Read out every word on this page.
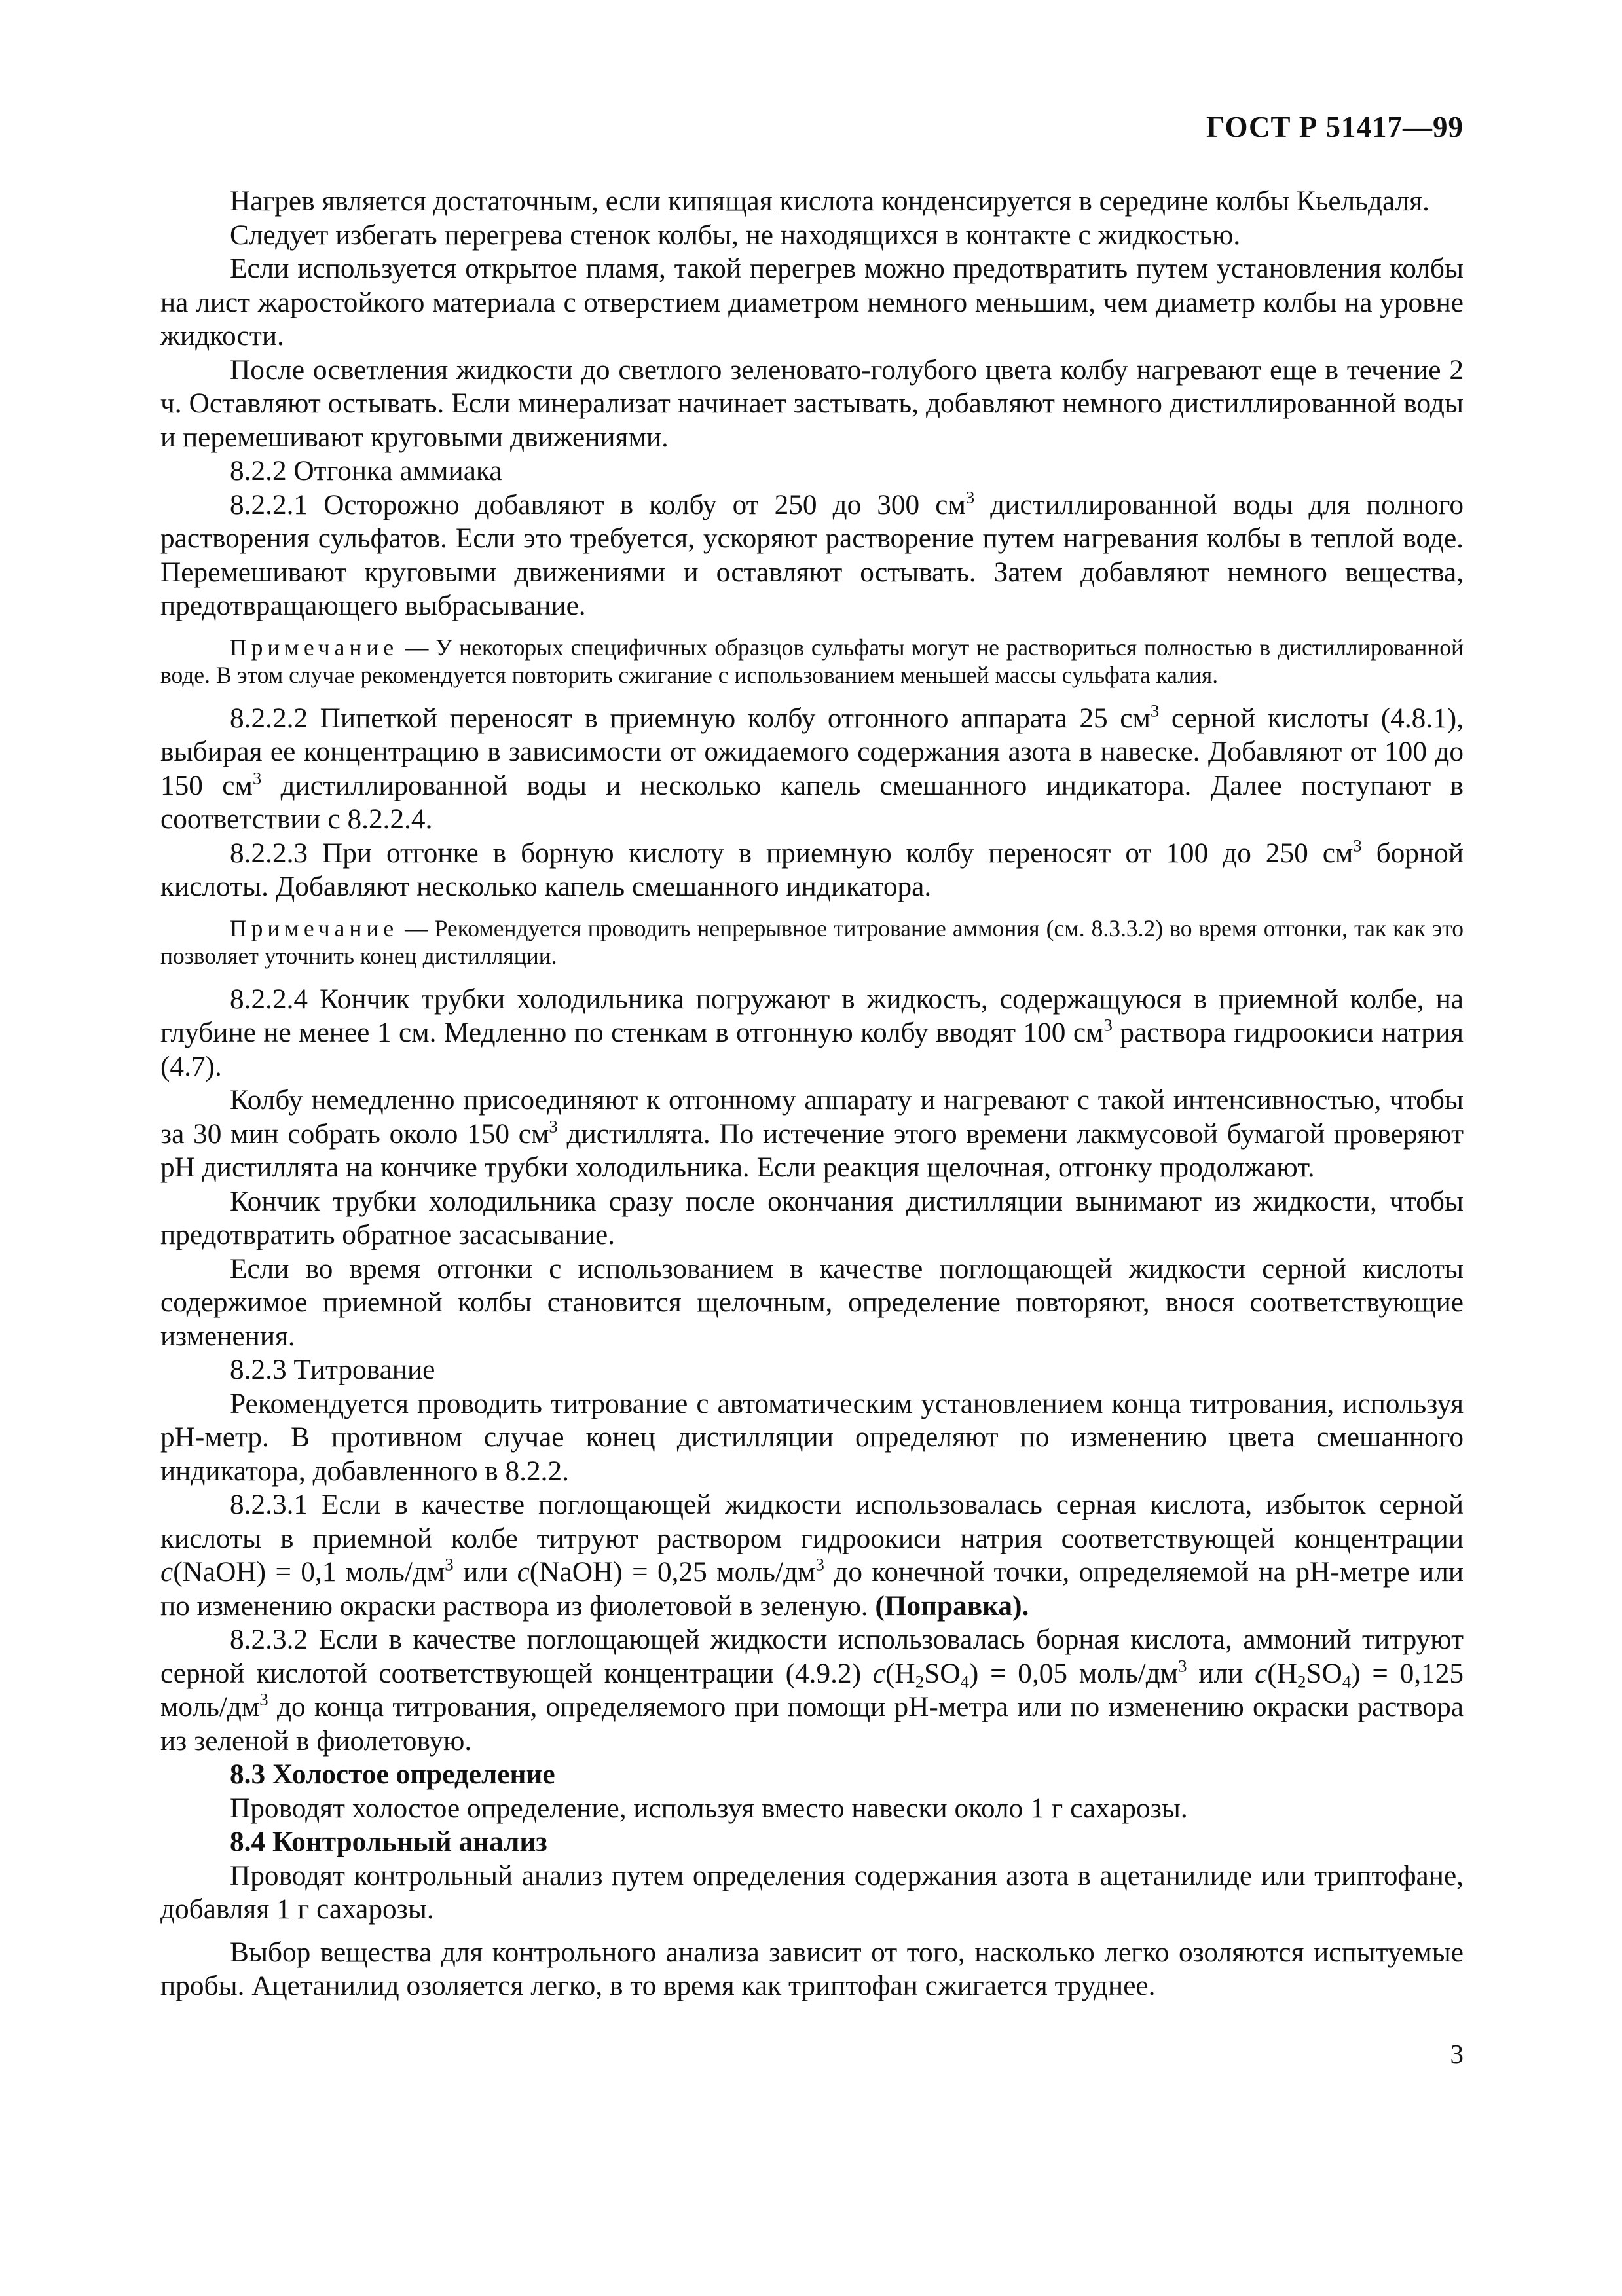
ГОСТ Р 51417—99

Нагрев является достаточным, если кипящая кислота конденсируется в середине колбы Кьельдаля.

Следует избегать перегрева стенок колбы, не находящихся в контакте с жидкостью.

Если используется открытое пламя, такой перегрев можно предотвратить путем установления колбы на лист жаростойкого материала с отверстием диаметром немного меньшим, чем диаметр колбы на уровне жидкости.

После осветления жидкости до светлого зеленовато-голубого цвета колбу нагревают еще в течение 2 ч. Оставляют остывать. Если минерализат начинает застывать, добавляют немного дистиллированной воды и перемешивают круговыми движениями.

8.2.2 Отгонка аммиака

8.2.2.1 Осторожно добавляют в колбу от 250 до 300 $см^3$ дистиллированной воды для полного растворения сульфатов. Если это требуется, ускоряют растворение путем нагревания колбы в теплой воде. Перемешивают круговыми движениями и оставляют остывать. Затем добавляют немного вещества, предотвращающего выбрасывание.

Примечание — У некоторых специфичных образцов сульфаты могут не раствориться полностью в дистиллированной воде. В этом случае рекомендуется повторить сжигание с использованием меньшей массы сульфата калия.

8.2.2.2 Пипеткой переносят в приемную колбу отгонного аппарата 25 $см^3$ серной кислоты (4.8.1), выбирая ее концентрацию в зависимости от ожидаемого содержания азота в навеске. Добавляют от 100 до 150 $см^3$ дистиллированной воды и несколько капель смешанного индикатора. Далее поступают в соответствии с 8.2.2.4.

8.2.2.3 При отгонке в борную кислоту в приемную колбу переносят от 100 до 250 $см^3$ борной кислоты. Добавляют несколько капель смешанного индикатора.

Примечание — Рекомендуется проводить непрерывное титрование аммония (см. 8.3.3.2) во время отгонки, так как это позволяет уточнить конец дистилляции.

8.2.2.4 Кончик трубки холодильника погружают в жидкость, содержащуюся в приемной колбе, на глубине не менее 1 см. Медленно по стенкам в отгонную колбу вводят 100 $см^3$ раствора гидроокиси натрия (4.7).

Колбу немедленно присоединяют к отгонному аппарату и нагревают с такой интенсивностью, чтобы за 30 мин собрать около 150 $см^3$ дистиллята. По истечение этого времени лакмусовой бумагой проверяют pH дистиллята на кончике трубки холодильника. Если реакция щелочная, отгонку продолжают.

Кончик трубки холодильника сразу после окончания дистилляции вынимают из жидкости, чтобы предотвратить обратное засасывание.

Если во время отгонки с использованием в качестве поглощающей жидкости серной кислоты содержимое приемной колбы становится щелочным, определение повторяют, внося соответствующие изменения.

8.2.3 Титрование

Рекомендуется проводить титрование с автоматическим установлением конца титрования, используя pH-метр. В противном случае конец дистилляции определяют по изменению цвета смешанного индикатора, добавленного в 8.2.2.

8.2.3.1 Если в качестве поглощающей жидкости использовалась серная кислота, избыток серной кислоты в приемной колбе титруют раствором гидроокиси натрия соответствующей концентрации c(NaOH) = 0,1 моль/$дм^3$ или c(NaOH) = 0,25 моль/$дм^3$ до конечной точки, определяемой на pH-метре или по изменению окраски раствора из фиолетовой в зеленую. (Поправка).

8.2.3.2 Если в качестве поглощающей жидкости использовалась борная кислота, аммоний титруют серной кислотой соответствующей концентрации (4.9.2) $c(H_2SO_4) = 0,05$ моль/$дм^3$ или $c(H_2SO_4) = 0,125$ моль/$дм^3$ до конца титрования, определяемого при помощи pH-метра или по изменению окраски раствора из зеленой в фиолетовую.

8.3 Холостое определение

Проводят холостое определение, используя вместо навески около 1 г сахарозы.

8.4 Контрольный анализ

Проводят контрольный анализ путем определения содержания азота в ацетанилиде или триптофане, добавляя 1 г сахарозы.

Выбор вещества для контрольного анализа зависит от того, насколько легко озоляются испытуемые пробы. Ацетанилид озоляется легко, в то время как триптофан сжигается труднее.

3
